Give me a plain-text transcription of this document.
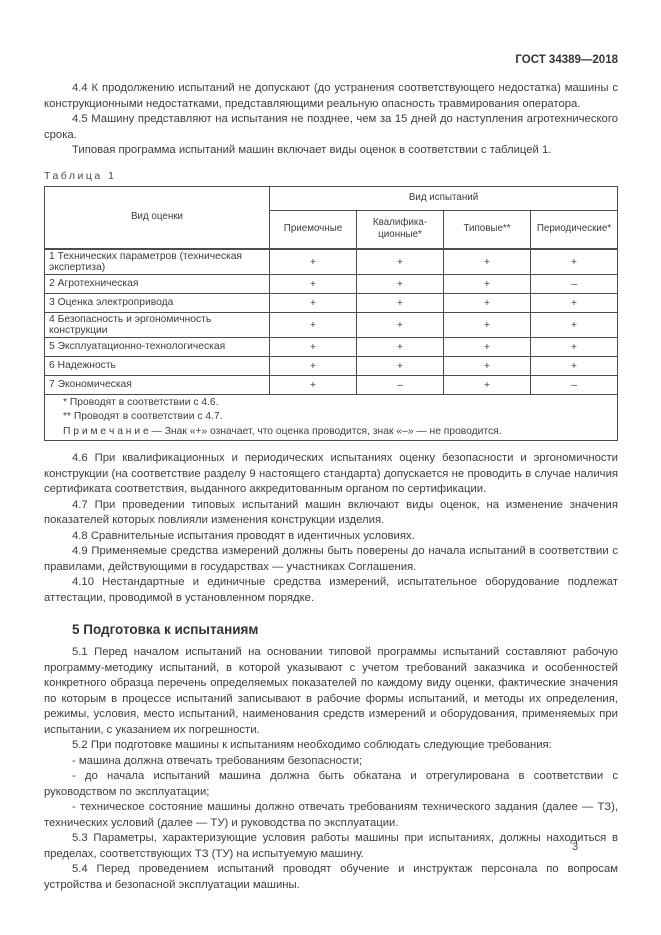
ГОСТ 34389—2018

4.4 К продолжению испытаний не допускают (до устранения соответствующего недостатка) машины с конструкционными недостатками, представляющими реальную опасность травмирования оператора.

4.5 Машину представляют на испытания не позднее, чем за 15 дней до наступления агротехнического срока.

Типовая программа испытаний машин включает виды оценок в соответствии с таблицей 1.

Таблица 1
Вид оценки	Вид испытаний			
	Приемочные	Квалификационные*	Типовые**	Периодические*
1 Технических параметров (техническая экспертиза)	+	+	+	+
2 Агротехническая	+	+	+	–
3 Оценка электропривода	+	+	+	+
4 Безопасность и эргономичность конструкции	+	+	+	+
5 Эксплуатационно-технологическая	+	+	+	+
6 Надежность	+	+	+	+
7 Экономическая	+	–	+	–

* Проводят в соответствии с 4.6.
** Проводят в соответствии с 4.7.
П р и м е ч а н и е — Знак «+» означает, что оценка проводится, знак «–» — не проводится.				

4.6 При квалификационных и периодических испытаниях оценку безопасности и эргономичности конструкции (на соответствие разделу 9 настоящего стандарта) допускается не проводить в случае наличия сертификата соответствия, выданного аккредитованным органом по сертификации.

4.7 При проведении типовых испытаний машин включают виды оценок, на изменение значения показателей которых повлияли изменения конструкции изделия.

4.8 Сравнительные испытания проводят в идентичных условиях.

4.9 Применяемые средства измерений должны быть поверены до начала испытаний в соответствии с правилами, действующими в государствах — участниках Соглашения.

4.10 Нестандартные и единичные средства измерений, испытательное оборудование подлежат аттестации, проводимой в установленном порядке.

5 Подготовка к испытаниям

5.1 Перед началом испытаний на основании типовой программы испытаний составляют рабочую программу-методику испытаний, в которой указывают с учетом требований заказчика и особенностей конкретного образца перечень определяемых показателей по каждому виду оценки, фактические значения по которым в процессе испытаний записывают в рабочие формы испытаний, и методы их определения, режимы, условия, место испытаний, наименования средств измерений и оборудования, применяемых при испытании, с указанием их погрешности.

5.2 При подготовке машины к испытаниям необходимо соблюдать следующие требования:

- машина должна отвечать требованиям безопасности;

- до начала испытаний машина должна быть обкатана и отрегулирована в соответствии с руководством по эксплуатации;

- техническое состояние машины должно отвечать требованиям технического задания (далее — ТЗ), технических условий (далее — ТУ) и руководства по эксплуатации.

5.3 Параметры, характеризующие условия работы машины при испытаниях, должны находиться в пределах, соответствующих ТЗ (ТУ) на испытуемую машину.

5.4 Перед проведением испытаний проводят обучение и инструктаж персонала по вопросам устройства и безопасной эксплуатации машины.

3
